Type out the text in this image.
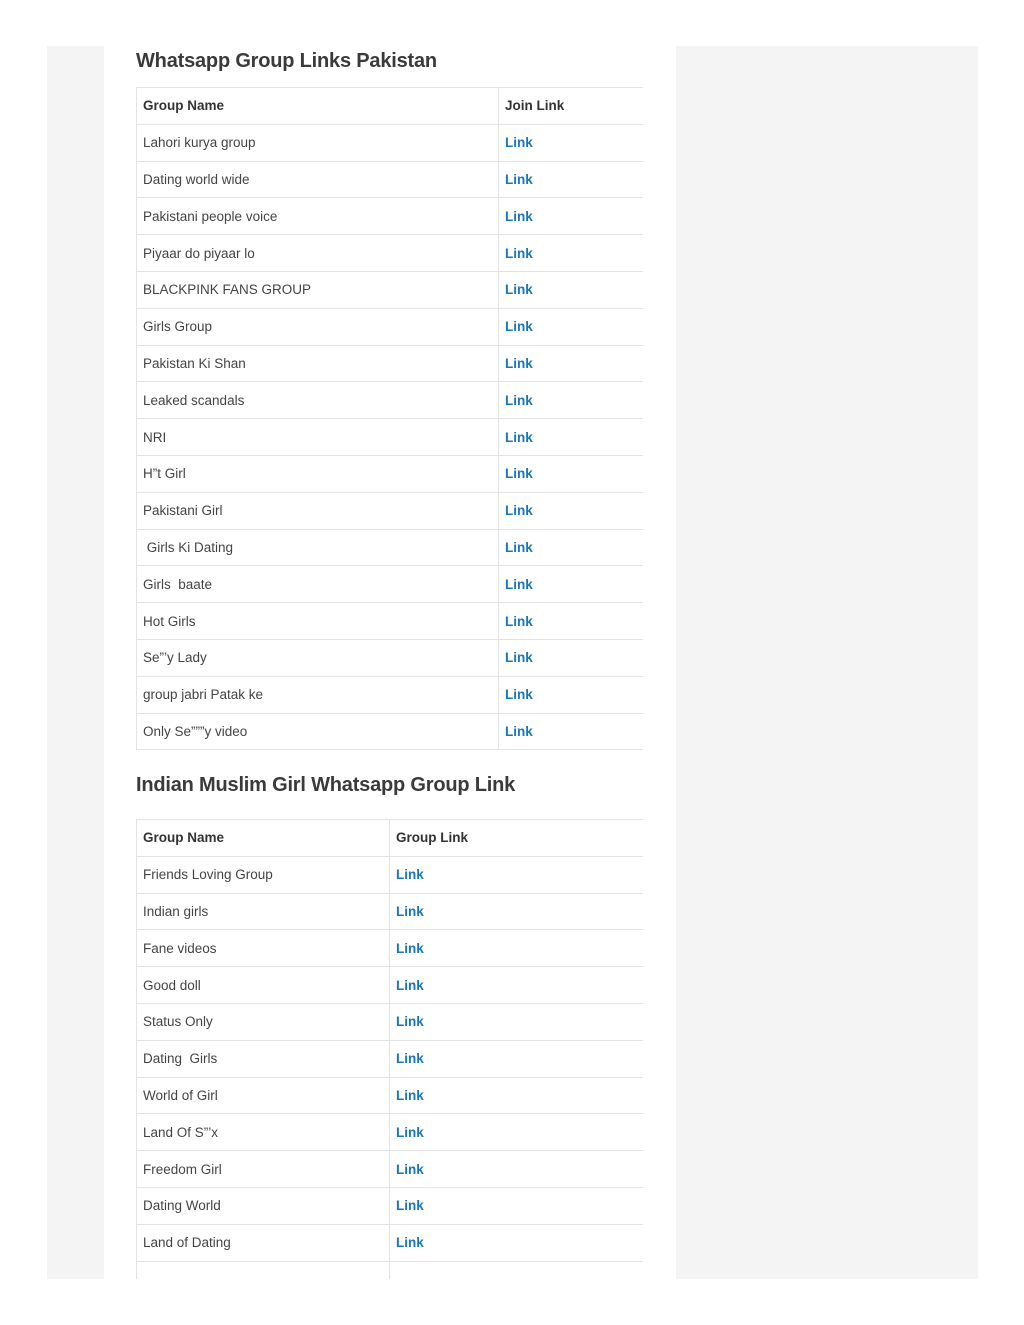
Whatsapp Group Links Pakistan
Group Name	Join Link
Lahori kurya group	Link
Dating world wide	Link
Pakistani people voice	Link
Piyaar do piyaar lo	Link
BLACKPINK FANS GROUP	Link
Girls Group	Link
Pakistan Ki Shan	Link
Leaked scandals	Link
NRI	Link
H”t Girl	Link
Pakistani Girl	Link
Girls Ki Dating	Link
Girls  baate	Link
Hot Girls	Link
Se”’y Lady	Link
group jabri Patak ke	Link
Only Se”””y video	Link
Indian Muslim Girl Whatsapp Group Link
Group Name	Group Link
Friends Loving Group	Link
Indian girls	Link
Fane videos	Link
Good doll	Link
Status Only	Link
Dating  Girls	Link
World of Girl	Link
Land Of S”’x	Link
Freedom Girl	Link
Dating World	Link
Land of Dating	Link
